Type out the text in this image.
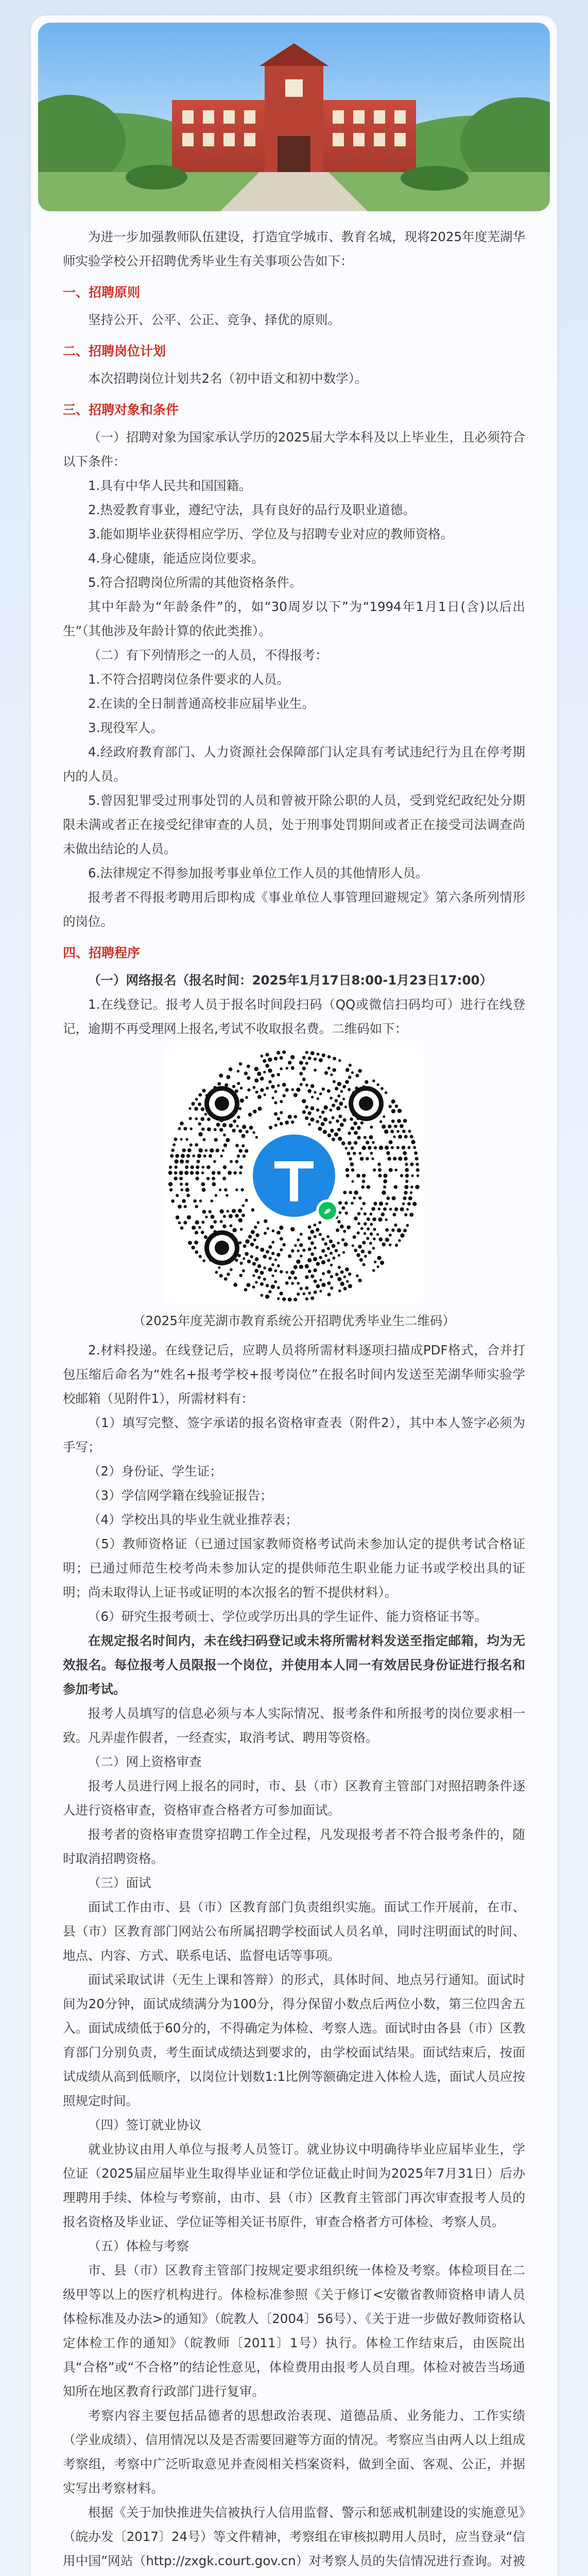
为进一步加强教师队伍建设，打造宜学城市、教育名城，现将2025年度芜湖华师实验学校公开招聘优秀毕业生有关事项公告如下：

一、招聘原则

坚持公开、公平、公正、竞争、择优的原则。

二、招聘岗位计划

本次招聘岗位计划共2名（初中语文和初中数学）。

三、招聘对象和条件

（一）招聘对象为国家承认学历的2025届大学本科及以上毕业生，且必须符合以下条件：

1.具有中华人民共和国国籍。

2.热爱教育事业，遵纪守法，具有良好的品行及职业道德。

3.能如期毕业获得相应学历、学位及与招聘专业对应的教师资格。

4.身心健康，能适应岗位要求。

5.符合招聘岗位所需的其他资格条件。

其中年龄为“年龄条件”的，如“30周岁以下”为“1994年1月1日(含)以后出生”（其他涉及年龄计算的依此类推）。

（二）有下列情形之一的人员，不得报考：

1.不符合招聘岗位条件要求的人员。

2.在读的全日制普通高校非应届毕业生。

3.现役军人。

4.经政府教育部门、人力资源社会保障部门认定具有考试违纪行为且在停考期内的人员。

5.曾因犯罪受过刑事处罚的人员和曾被开除公职的人员，受到党纪政纪处分期限未满或者正在接受纪律审查的人员，处于刑事处罚期间或者正在接受司法调查尚未做出结论的人员。

6.法律规定不得参加报考事业单位工作人员的其他情形人员。

报考者不得报考聘用后即构成《事业单位人事管理回避规定》第六条所列情形的岗位。

四、招聘程序

（一）网络报名（报名时间：2025年1月17日8:00-1月23日17:00）

1.在线登记。报考人员于报名时间段扫码（QQ或微信扫码均可）进行在线登记，逾期不再受理网上报名,考试不收取报名费。二维码如下：

（2025年度芜湖市教育系统公开招聘优秀毕业生二维码）

2.材料投递。在线登记后，应聘人员将所需材料逐项扫描成PDF格式，合并打包压缩后命名为“姓名+报考学校+报考岗位”在报名时间内发送至芜湖华师实验学校邮箱（见附件1），所需材料有：

（1）填写完整、签字承诺的报名资格审查表（附件2），其中本人签字必须为手写；

（2）身份证、学生证；

（3）学信网学籍在线验证报告；

（4）学校出具的毕业生就业推荐表；

（5）教师资格证（已通过国家教师资格考试尚未参加认定的提供考试合格证明；已通过师范生校考尚未参加认定的提供师范生职业能力证书或学校出具的证明；尚未取得认上证书或证明的本次报名的暂不提供材料）。

（6）研究生报考硕士、学位或学历出具的学生证件、能力资格证书等。

在规定报名时间内，未在线扫码登记或未将所需材料发送至指定邮箱，均为无效报名。每位报考人员限报一个岗位，并使用本人同一有效居民身份证进行报名和参加考试。

报考人员填写的信息必须与本人实际情况、报考条件和所报考的岗位要求相一致。凡弄虚作假者，一经查实，取消考试、聘用等资格。

（二）网上资格审查

报考人员进行网上报名的同时，市、县（市）区教育主管部门对照招聘条件逐人进行资格审查，资格审查合格者方可参加面试。

报考者的资格审查贯穿招聘工作全过程，凡发现报考者不符合报考条件的，随时取消招聘资格。

（三）面试

面试工作由市、县（市）区教育部门负责组织实施。面试工作开展前，在市、县（市）区教育部门网站公布所属招聘学校面试人员名单，同时注明面试的时间、地点、内容、方式、联系电话、监督电话等事项。

面试采取试讲（无生上课和答辩）的形式，具体时间、地点另行通知。面试时间为20分钟，面试成绩满分为100分，得分保留小数点后两位小数，第三位四舍五入。面试成绩低于60分的，不得确定为体检、考察人选。面试时由各县（市）区教育部门分别负责，考生面试成绩达到要求的，由学校面试结果。面试结束后，按面试成绩从高到低顺序，以岗位计划数1:1比例等额确定进入体检人选，面试人员应按照规定时间。

（四）签订就业协议

就业协议由用人单位与报考人员签订。就业协议中明确待毕业应届毕业生，学位证（2025届应届毕业生取得毕业证和学位证截止时间为2025年7月31日）后办理聘用手续、体检与考察前，由市、县（市）区教育主管部门再次审查报考人员的报名资格及毕业证、学位证等相关证书原件，审查合格者方可体检、考察人员。

（五）体检与考察

市、县（市）区教育主管部门按规定要求组织统一体检及考察。体检项目在二级甲等以上的医疗机构进行。体检标准参照《关于修订<安徽省教师资格申请人员体检标准及办法>的通知》（皖教人〔2004〕56号）、《关于进一步做好教师资格认定体检工作的通知》（皖教师〔2011〕1号）执行。体检工作结束后，由医院出具“合格”或“不合格”的结论性意见，体检费用由报考人员自理。体检对被告当场通知所在地区教育行政部门进行复审。

考察内容主要包括品德者的思想政治表现、道德品质、业务能力、工作实绩（学业成绩）、信用情况以及是否需要回避等方面的情况。考察应当由两人以上组成考察组，考察中广泛听取意见并查阅相关档案资料，做到全面、客观、公正，并据实写出考察材料。

根据《关于加快推进失信被执行人信用监督、警示和惩戒机制建设的实施意见》（皖办发〔2017〕24号）等文件精神，考察组在审核拟聘用人员时，应当登录“信用中国”网站（http://zxgk.court.gov.cn）对考察人员的失信情况进行查询。对被
